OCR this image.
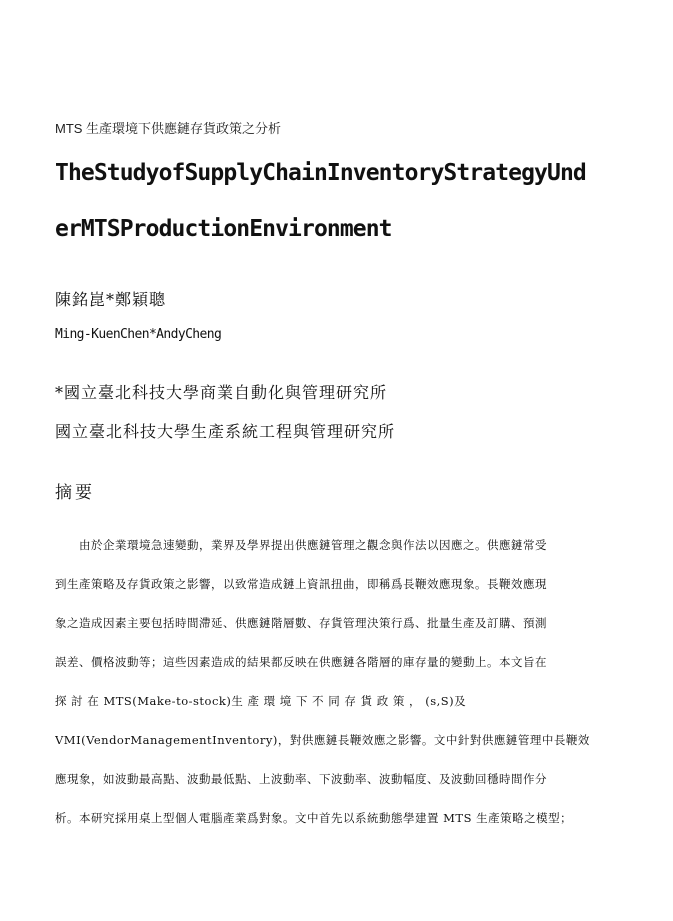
MTS 生產環境下供應鏈存貨政策之分析
TheStudyofSupplyChainInventoryStrategyUnd
erMTSProductionEnvironment
陳銘崑*鄭穎聰
Ming-KuenChen*AndyCheng
*國立臺北科技大學商業自動化與管理研究所
國立臺北科技大學生產系統工程與管理研究所
摘要
由於企業環境急速變動，業界及學界提出供應鏈管理之觀念與作法以因應之。供應鏈常受
到生產策略及存貨政策之影響，以致常造成鏈上資訊扭曲，即稱爲長鞭效應現象。長鞭效應現
象之造成因素主要包括時間滯延、供應鏈階層數、存貨管理決策行爲、批量生產及訂購、預測
誤差、價格波動等；這些因素造成的結果都反映在供應鏈各階層的庫存量的變動上。本文旨在
探 討 在 MTS(Make-to-stock)生 產 環 境 下 不 同 存 貨 政 策 ， (s,S)及
VMI(VendorManagementInventory)，對供應鏈長鞭效應之影響。文中針對供應鏈管理中長鞭效
應現象，如波動最高點、波動最低點、上波動率、下波動率、波動幅度、及波動回穩時間作分
析。本研究採用桌上型個人電腦產業爲對象。文中首先以系統動態學建置 MTS 生產策略之模型；
